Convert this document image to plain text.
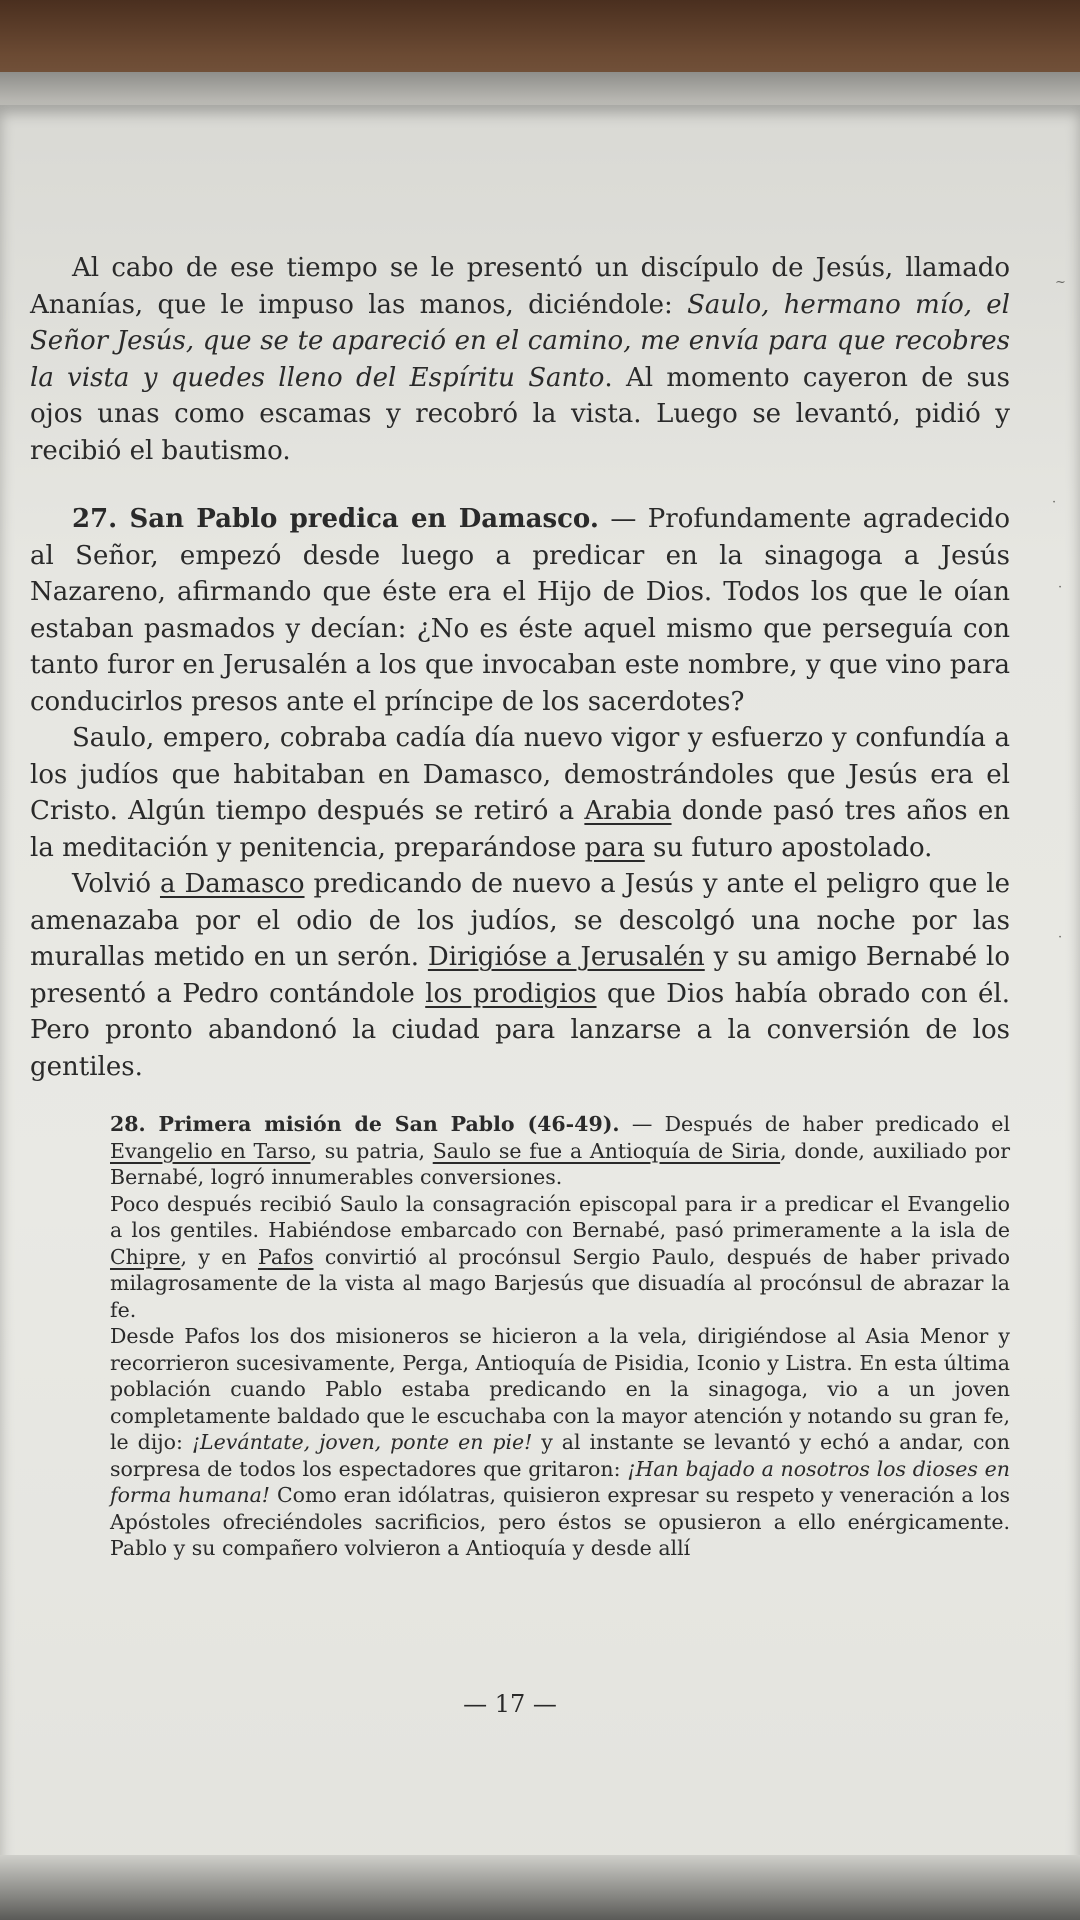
Al cabo de ese tiempo se le presentó un discípulo de Jesús, llamado Ananías, que le impuso las manos, diciéndole: Saulo, hermano mío, el Señor Jesús, que se te apareció en el camino, me envía para que recobres la vista y quedes lleno del Espíritu Santo. Al momento cayeron de sus ojos unas como escamas y recobró la vista. Luego se levantó, pidió y recibió el bautismo.

27. San Pablo predica en Damasco. — Profundamente agradecido al Señor, empezó desde luego a predicar en la sinagoga a Jesús Nazareno, afirmando que éste era el Hijo de Dios. Todos los que le oían estaban pasmados y decían: ¿No es éste aquel mismo que perseguía con tanto furor en Jerusalén a los que invocaban este nombre, y que vino para conducirlos presos ante el príncipe de los sacerdotes?

Saulo, empero, cobraba cadía día nuevo vigor y esfuerzo y confundía a los judíos que habitaban en Damasco, demostrándoles que Jesús era el Cristo. Algún tiempo después se retiró a Arabia donde pasó tres años en la meditación y penitencia, preparándose para su futuro apostolado.

Volvió a Damasco predicando de nuevo a Jesús y ante el peligro que le amenazaba por el odio de los judíos, se descolgó una noche por las murallas metido en un serón. Dirigióse a Jerusalén y su amigo Bernabé lo presentó a Pedro contándole los prodigios que Dios había obrado con él. Pero pronto abandonó la ciudad para lanzarse a la conversión de los gentiles.

28. Primera misión de San Pablo (46-49). — Después de haber predicado el Evangelio en Tarso, su patria, Saulo se fue a Antioquía de Siria, donde, auxiliado por Bernabé, logró innumerables conversiones.

Poco después recibió Saulo la consagración episcopal para ir a predicar el Evangelio a los gentiles. Habiéndose embarcado con Bernabé, pasó primeramente a la isla de Chipre, y en Pafos convirtió al procónsul Sergio Paulo, después de haber privado milagrosamente de la vista al mago Barjesús que disuadía al procónsul de abrazar la fe.

Desde Pafos los dos misioneros se hicieron a la vela, dirigiéndose al Asia Menor y recorrieron sucesivamente, Perga, Antioquía de Pisidia, Iconio y Listra. En esta última población cuando Pablo estaba predicando en la sinagoga, vio a un joven completamente baldado que le escuchaba con la mayor atención y notando su gran fe, le dijo: ¡Levántate, joven, ponte en pie! y al instante se levantó y echó a andar, con sorpresa de todos los espectadores que gritaron: ¡Han bajado a nosotros los dioses en forma humana! Como eran idólatras, quisieron expresar su respeto y veneración a los Apóstoles ofreciéndoles sacrificios, pero éstos se opusieron a ello enérgicamente. Pablo y su compañero volvieron a Antioquía y desde allí

— 17 —
~
·
·
·
